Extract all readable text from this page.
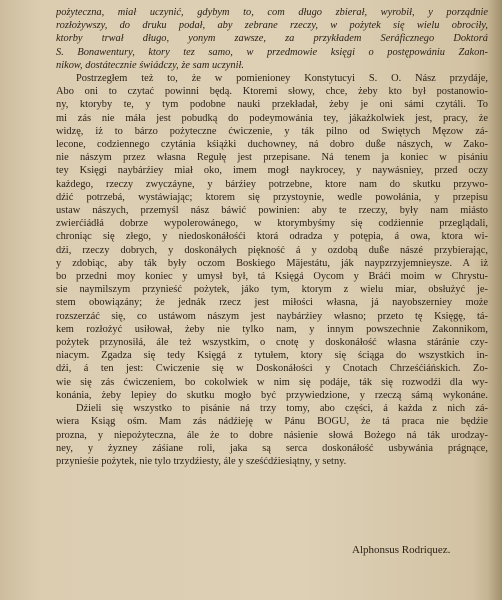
pożyteczna, miał uczynić, gdybym to, com długo zbierał, wyrobił, y porządnie
rozłożywszy, do druku podał, aby zebrane rzeczy, w pożytek się wielu obrociły,
ktorby trwał długo, yonym zawsze, za przykładem Seráficznego Doktorá
S. Bonawentury, ktory tez samo, w przedmowie księgi o postępowániu Zakon-
nikow, dostátecznie świádczy, że sam uczynił.
Postrzegłem też to, że w pomienioney Konstytucyi S. O. Nász przydáje,
Abo oni to czytać powinni będą. Ktoremi słowy, chce, żeby kto był postanowio-
ny, ktoryby te, y tym podobne nauki przekładał, żeby je oni sámi czytáli. To
mi zás nie máła jest pobudką do podeymowánia tey, jákażkolwiek jest, pracy, że
widzę, iż to bárzo pożyteczne ćwiczenie, y ták pilno od Swiętych Męzow zá-
lecone, codziennego czytánia kśiążki duchowney, ná dobro duße nászych, w Zako-
nie nászym przez własna Regułę jest przepisane. Ná tenem ja koniec w pisániu
tey Księgi naybárźiey miał oko, imem mogł naykrocey, y naywásniey, przed oczy
każdego, rzeczy zwyczáyne, y bárźiey potrzebne, ktore nam do skutku przywo-
dźić potrzebá, wystáwiając; ktorem się przystoynie, wedle powołánia, y przepisu
ustaw nászych, przemyśl nász báwić powinien: aby te rzeczy, były nam miásto
zwierćiádłá dobrze wypolerowánego, w ktorymbyśmy się codźiennie przeglądali,
chroniąc się złego, y niedoskonáłośći ktorá odradza y potępia, á owa, ktora wi-
dźi, rzeczy dobrych, y doskonáłych piękność á y ozdobą duße nászé przybierając,
y zdobiąc, aby ták były oczom Boskiego Mäjestátu, ják naypzrzyjemnieysze. A iż
bo przedni moy koniec y umysł był, tá Księgá Oycom y Bráći moim w Chrystu-
sie naymilszym przynieść pożytek, jáko tym, ktorym z wielu miar, obsłużyć je-
stem obowiązány; że jednák rzecz jest miłości własna, já nayobszerniey może
rozszerzáć się, co ustáwom nászym jest naybárźiey własno; przeto tę Księgę, tá-
kem rozłożyć usiłował, żeby nie tylko nam, y innym powszechnie Zakonnikom,
pożytek przynosiłá, ále też wszystkim, o cnotę y doskonáłość własna stáránie czy-
niacym. Zgadza się tedy Księgá z tytułem, ktory się ściąga do wszystkich in-
dźi, á ten jest: Cwiczenie się w Doskonáłości y Cnotach Chrześćiáńskich. Zo-
wie się zás ćwiczeniem, bo cokolwiek w nim się podáje, ták się rozwodźi dla wy-
konánia, żeby lepiey do skutku mogło być przywiedzione, y rzeczą sámą wykonáne.
Dźieli się wszystko to pisánie ná trzy tomy, abo części, á każda z nich zá-
wiera Ksiąg ośm. Mam zás nádźieję w Pánu BOGU, że tá praca nie będźie
prozna, y niepożyteczna, ále że to dobre násienie słowá Bożego ná ták urodzay-
ney, y żyzney záśiane roli, jaka są serca doskonáłość usbywánia prágnące,
przynieśie pożytek, nie tylo trzydźiesty, ále y sześćdźiesiątny, y setny.
Alphonsus Rodriquez.
